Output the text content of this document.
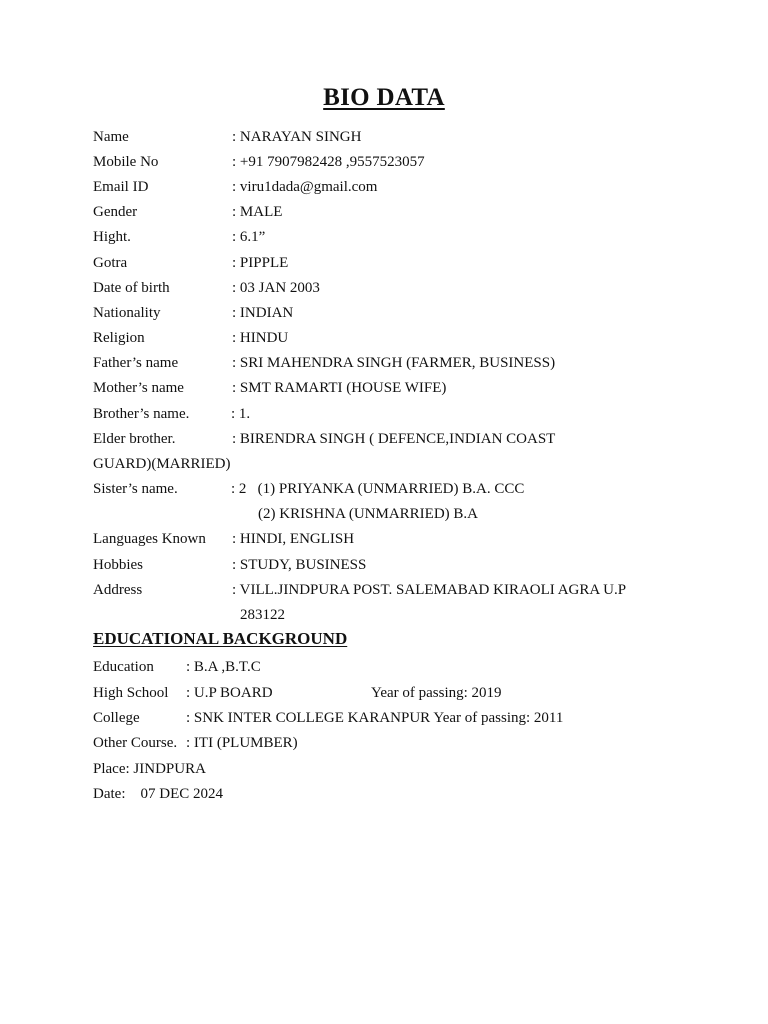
BIO DATA
Name	: NARAYAN SINGH
Mobile No	: +91 7907982428 ,9557523057
Email ID	: viru1dada@gmail.com
Gender	: MALE
Hight.	: 6.1”
Gotra	: PIPPLE
Date of birth	: 03 JAN 2003
Nationality	: INDIAN
Religion	: HINDU
Father’s name	: SRI MAHENDRA SINGH (FARMER, BUSINESS)
Mother’s name	: SMT RAMARTI (HOUSE WIFE)
Brother’s name.	: 1.
Elder brother.	: BIRENDRA SINGH ( DEFENCE,INDIAN COAST
GUARD)(MARRIED)
Sister’s name.	: 2   (1) PRIYANKA (UNMARRIED) B.A. CCC
(2) KRISHNA (UNMARRIED) B.A
Languages Known : HINDI, ENGLISH
Hobbies	: STUDY, BUSINESS
Address	: VILL.JINDPURA POST. SALEMABAD KIRAOLI AGRA U.P
283122
EDUCATIONAL BACKGROUND
Education : B.A ,B.T.C
High School : U.P BOARD	Year of passing: 2019
College	: SNK INTER COLLEGE KARANPUR Year of passing: 2011
Other Course. : ITI (PLUMBER)
Place: JINDPURA
Date:    07 DEC 2024
